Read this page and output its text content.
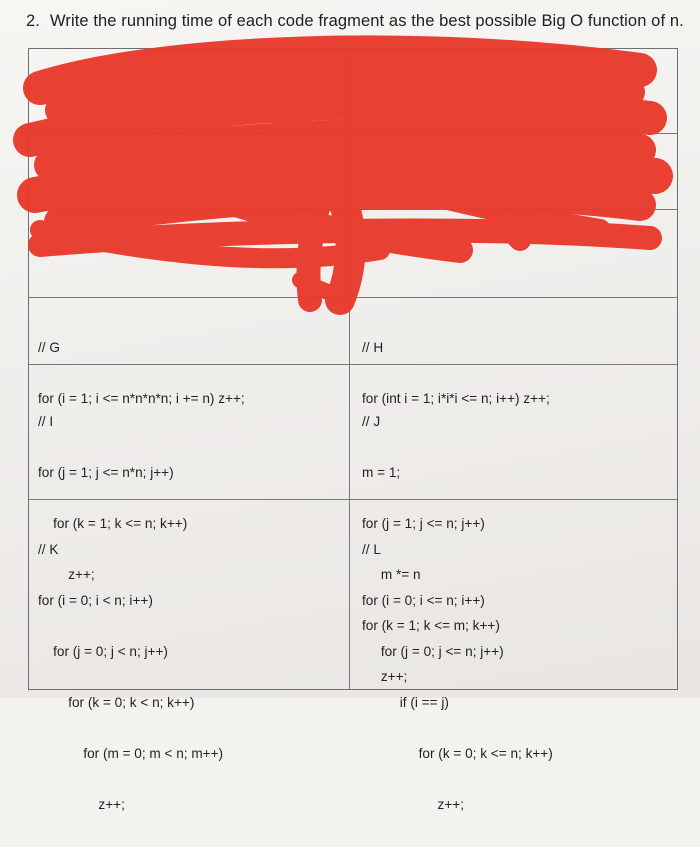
2. Write the running time of each code fragment as the best possible Big O function of n.

// G

for (i = 1; i <= n*n*n*n; i += n) z++;

// H

for (int i = 1; i*i*i <= n; i++) z++;

// I

for (j = 1; j <= n*n; j++)

for (k = 1; k <= n; k++)

z++;

// J

m = 1;

for (j = 1; j <= n; j++)

m *= n

for (k = 1; k <= m; k++)

z++;

// K

for (i = 0; i < n; i++)

for (j = 0; j < n; j++)

for (k = 0; k < n; k++)

for (m = 0; m < n; m++)

z++;

// L

for (i = 0; i <= n; i++)

for (j = 0; j <= n; j++)

if (i == j)

for (k = 0; k <= n; k++)

z++;
